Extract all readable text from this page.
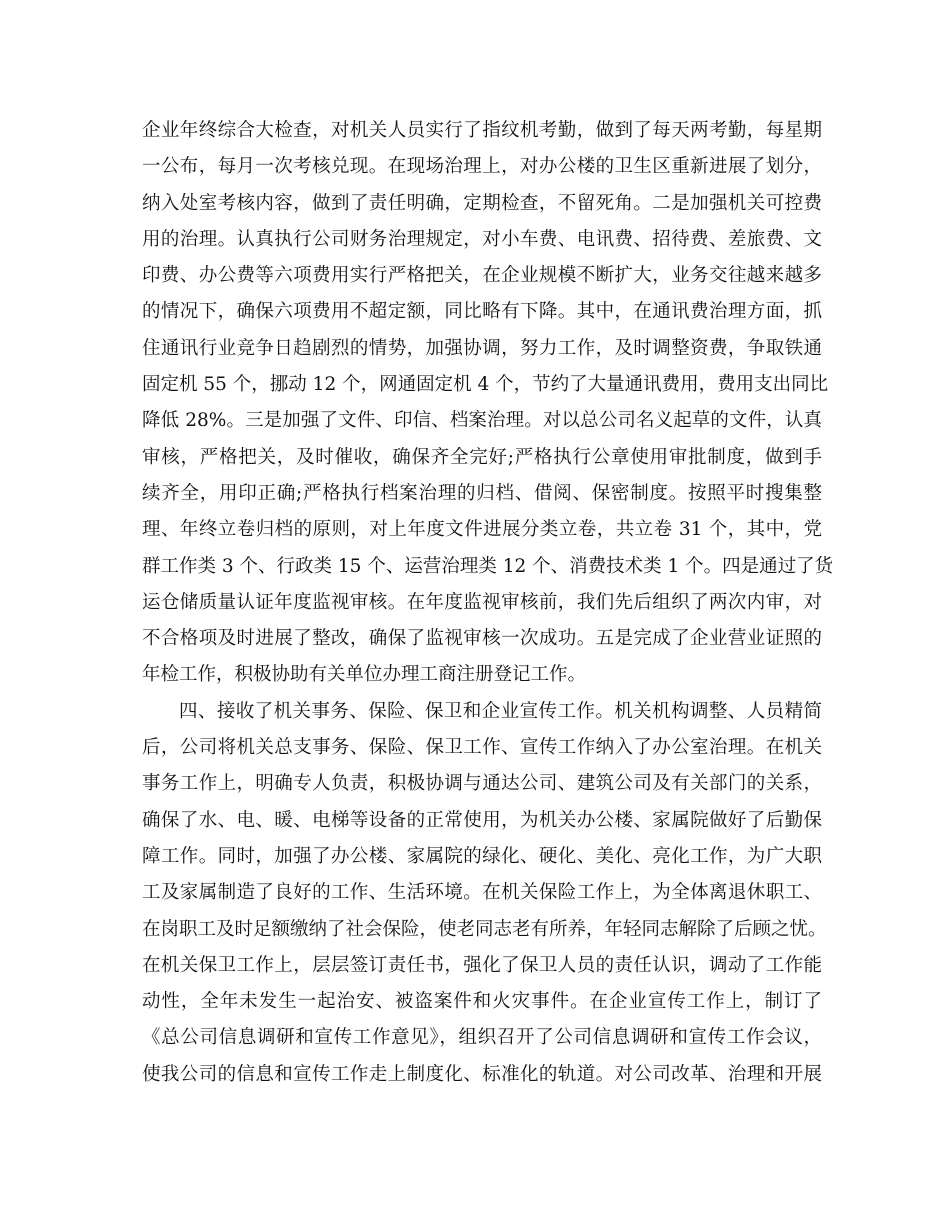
企业年终综合大检查，对机关人员实行了指纹机考勤，做到了每天两考勤，每星期
一公布，每月一次考核兑现。在现场治理上，对办公楼的卫生区重新进展了划分，
纳入处室考核内容，做到了责任明确，定期检查，不留死角。二是加强机关可控费
用的治理。认真执行公司财务治理规定，对小车费、电讯费、招待费、差旅费、文
印费、办公费等六项费用实行严格把关，在企业规模不断扩大，业务交往越来越多
的情况下，确保六项费用不超定额，同比略有下降。其中，在通讯费治理方面，抓
住通讯行业竞争日趋剧烈的情势，加强协调，努力工作，及时调整资费，争取铁通
固定机 55 个，挪动 12 个，网通固定机 4 个，节约了大量通讯费用，费用支出同比
降低 28%。三是加强了文件、印信、档案治理。对以总公司名义起草的文件，认真
审核，严格把关，及时催收，确保齐全完好;严格执行公章使用审批制度，做到手
续齐全，用印正确;严格执行档案治理的归档、借阅、保密制度。按照平时搜集整
理、年终立卷归档的原则，对上年度文件进展分类立卷，共立卷 31 个，其中，党
群工作类 3 个、行政类 15 个、运营治理类 12 个、消费技术类 1 个。四是通过了货
运仓储质量认证年度监视审核。在年度监视审核前，我们先后组织了两次内审，对
不合格项及时进展了整改，确保了监视审核一次成功。五是完成了企业营业证照的
年检工作，积极协助有关单位办理工商注册登记工作。
四、接收了机关事务、保险、保卫和企业宣传工作。机关机构调整、人员精简
后，公司将机关总支事务、保险、保卫工作、宣传工作纳入了办公室治理。在机关
事务工作上，明确专人负责，积极协调与通达公司、建筑公司及有关部门的关系，
确保了水、电、暖、电梯等设备的正常使用，为机关办公楼、家属院做好了后勤保
障工作。同时，加强了办公楼、家属院的绿化、硬化、美化、亮化工作，为广大职
工及家属制造了良好的工作、生活环境。在机关保险工作上，为全体离退休职工、
在岗职工及时足额缴纳了社会保险，使老同志老有所养，年轻同志解除了后顾之忧。
在机关保卫工作上，层层签订责任书，强化了保卫人员的责任认识，调动了工作能
动性，全年未发生一起治安、被盗案件和火灾事件。在企业宣传工作上，制订了
《总公司信息调研和宣传工作意见》，组织召开了公司信息调研和宣传工作会议，
使我公司的信息和宣传工作走上制度化、标准化的轨道。对公司改革、治理和开展
